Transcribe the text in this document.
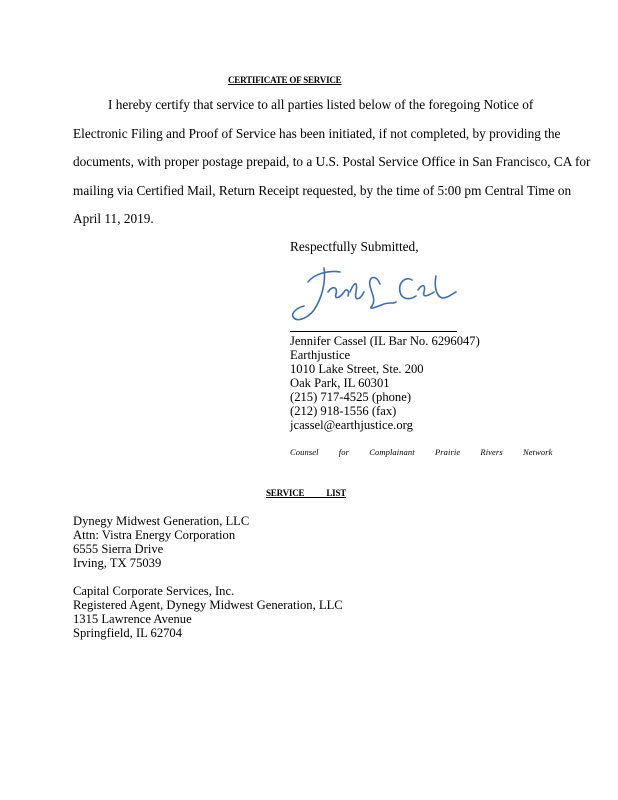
CERTIFICATE OF SERVICE
I hereby certify that service to all parties listed below of the foregoing Notice of
Electronic Filing and Proof of Service has been initiated, if not completed, by providing the
documents, with proper postage prepaid, to a U.S. Postal Service Office in San Francisco, CA for
mailing via Certified Mail, Return Receipt requested, by the time of 5:00 pm Central Time on
April 11, 2019.
Respectfully Submitted,
Jennifer Cassel (IL Bar No. 6296047)
Earthjustice
1010 Lake Street, Ste. 200
Oak Park, IL 60301
(215) 717-4525 (phone)
(212) 918-1556 (fax)
jcassel@earthjustice.org
Counsel for Complainant Prairie Rivers Network
SERVICE LIST
Dynegy Midwest Generation, LLC
Attn: Vistra Energy Corporation
6555 Sierra Drive
Irving, TX 75039
Capital Corporate Services, Inc.
Registered Agent, Dynegy Midwest Generation, LLC
1315 Lawrence Avenue
Springfield, IL 62704
